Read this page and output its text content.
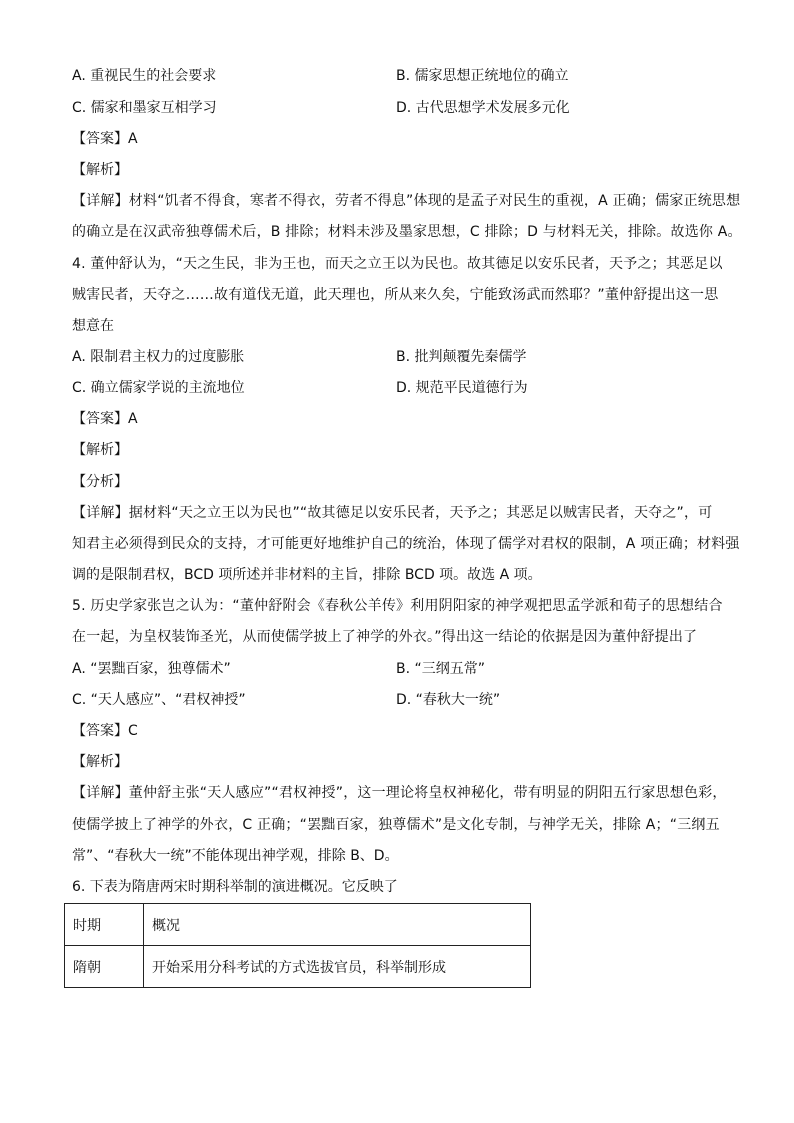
A. 重视民生的社会要求	B. 儒家思想正统地位的确立
C. 儒家和墨家互相学习	D. 古代思想学术发展多元化
【答案】A
【解析】
【详解】材料“饥者不得食，寒者不得衣，劳者不得息”体现的是孟子对民生的重视，A 正确；儒家正统思想
的确立是在汉武帝独尊儒术后，B 排除；材料未涉及墨家思想，C 排除；D 与材料无关，排除。故选你 A。
4. 董仲舒认为，“天之生民，非为王也，而天之立王以为民也。故其德足以安乐民者，天予之；其恶足以
贼害民者，天夺之……故有道伐无道，此天理也，所从来久矣，宁能致汤武而然耶？”董仲舒提出这一思
想意在
A. 限制君主权力的过度膨胀	B. 批判颠覆先秦儒学
C. 确立儒家学说的主流地位	D. 规范平民道德行为
【答案】A
【解析】
【分析】
【详解】据材料“天之立王以为民也”“故其德足以安乐民者，天予之；其恶足以贼害民者，天夺之”，可
知君主必须得到民众的支持，才可能更好地维护自己的统治，体现了儒学对君权的限制，A 项正确；材料强
调的是限制君权，BCD 项所述并非材料的主旨，排除 BCD 项。故选 A 项。
5. 历史学家张岂之认为：“董仲舒附会《春秋公羊传》利用阴阳家的神学观把思孟学派和荀子的思想结合
在一起，为皇权装饰圣光，从而使儒学披上了神学的外衣。”得出这一结论的依据是因为董仲舒提出了
A. “罢黜百家，独尊儒术”	B. “三纲五常”
C. “天人感应”、“君权神授”	D. “春秋大一统”
【答案】C
【解析】
【详解】董仲舒主张“天人感应”“君权神授”，这一理论将皇权神秘化，带有明显的阴阳五行家思想色彩，
使儒学披上了神学的外衣，C 正确；“罢黜百家，独尊儒术”是文化专制，与神学无关，排除 A；“三纲五
常”、“春秋大一统”不能体现出神学观，排除 B、D。
6. 下表为隋唐两宋时期科举制的演进概况。它反映了
时期	概况
隋朝	开始采用分科考试的方式选拔官员，科举制形成
